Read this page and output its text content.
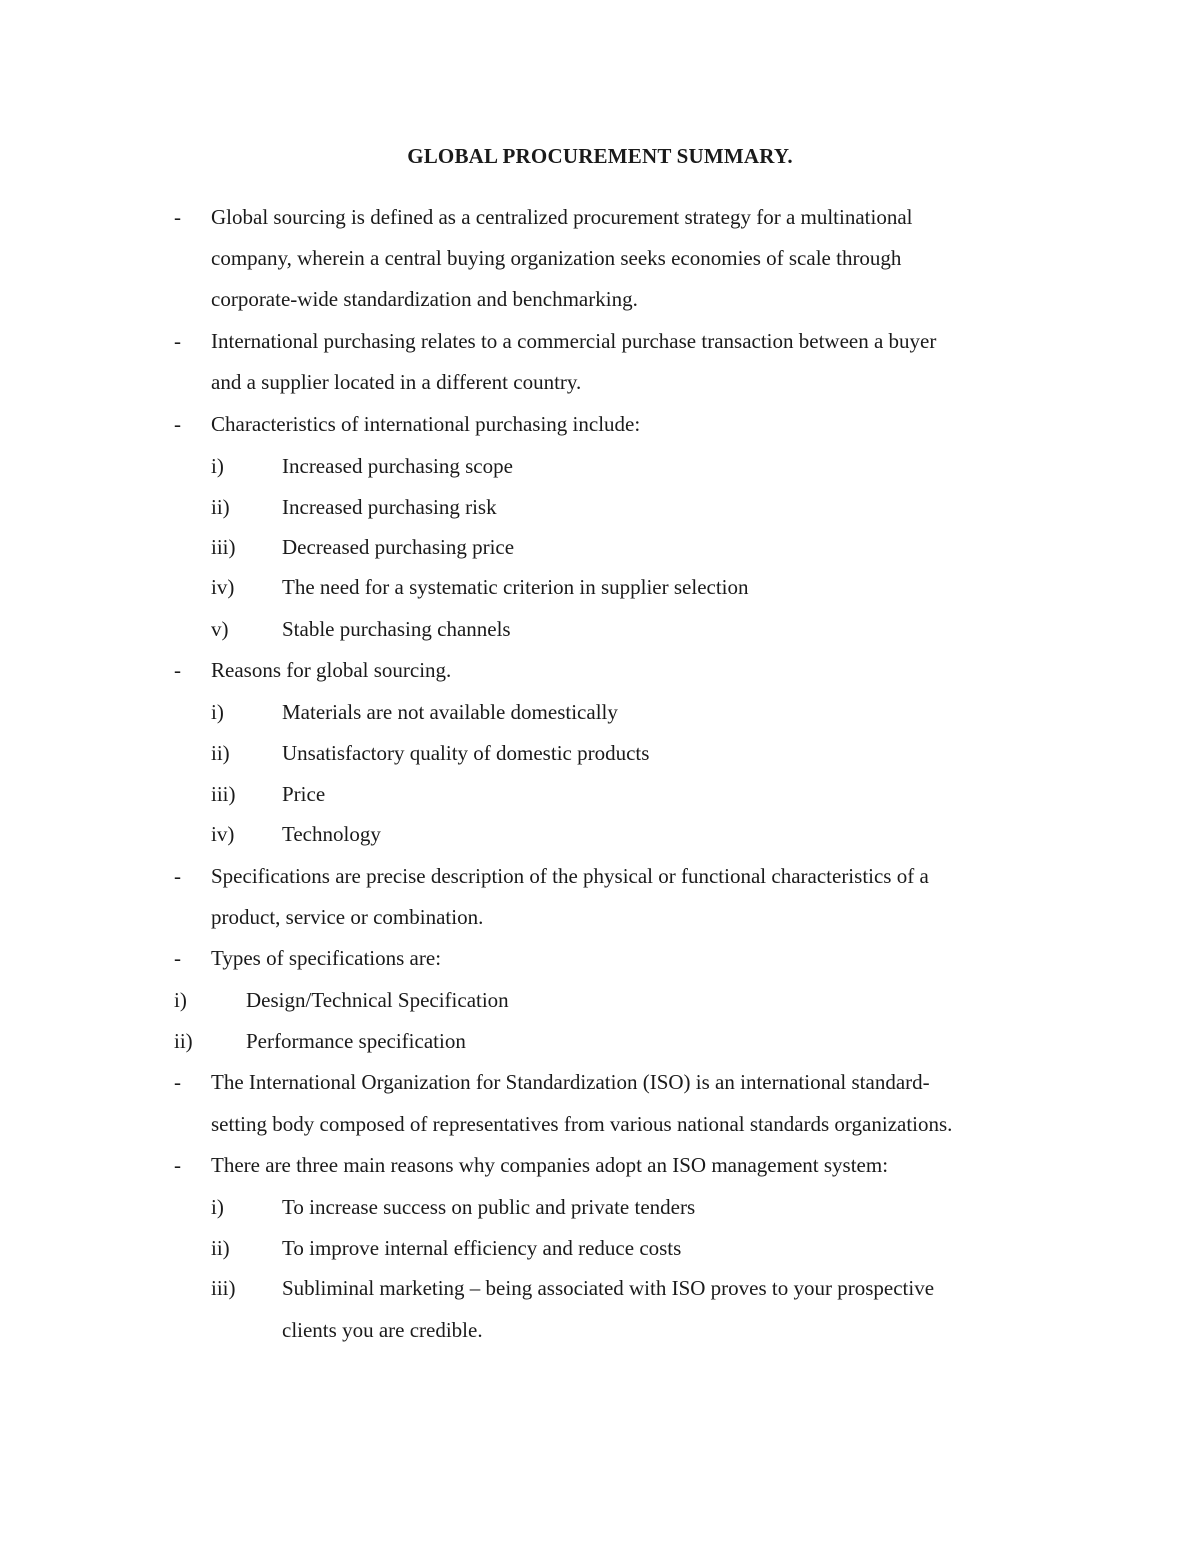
GLOBAL PROCUREMENT SUMMARY.
- Global sourcing is defined as a centralized procurement strategy for a multinational
company, wherein a central buying organization seeks economies of scale through
corporate-wide standardization and benchmarking.
- International purchasing relates to a commercial purchase transaction between a buyer
and a supplier located in a different country.
- Characteristics of international purchasing include:
i)	Increased purchasing scope
ii) Increased purchasing risk
iii) Decreased purchasing price
iv) The need for a systematic criterion in supplier selection
v)	Stable purchasing channels
- Reasons for global sourcing.
i)	Materials are not available domestically
ii) Unsatisfactory quality of domestic products
iii) Price
iv) Technology
- Specifications are precise description of the physical or functional characteristics of a
product, service or combination.
- Types of specifications are:
i)	Design/Technical Specification
ii)	Performance specification
- The International Organization for Standardization (ISO) is an international standard-
setting body composed of representatives from various national standards organizations.
- There are three main reasons why companies adopt an ISO management system:
i)	To increase success on public and private tenders
ii) To improve internal efficiency and reduce costs
iii) Subliminal marketing – being associated with ISO proves to your prospective
clients you are credible.
